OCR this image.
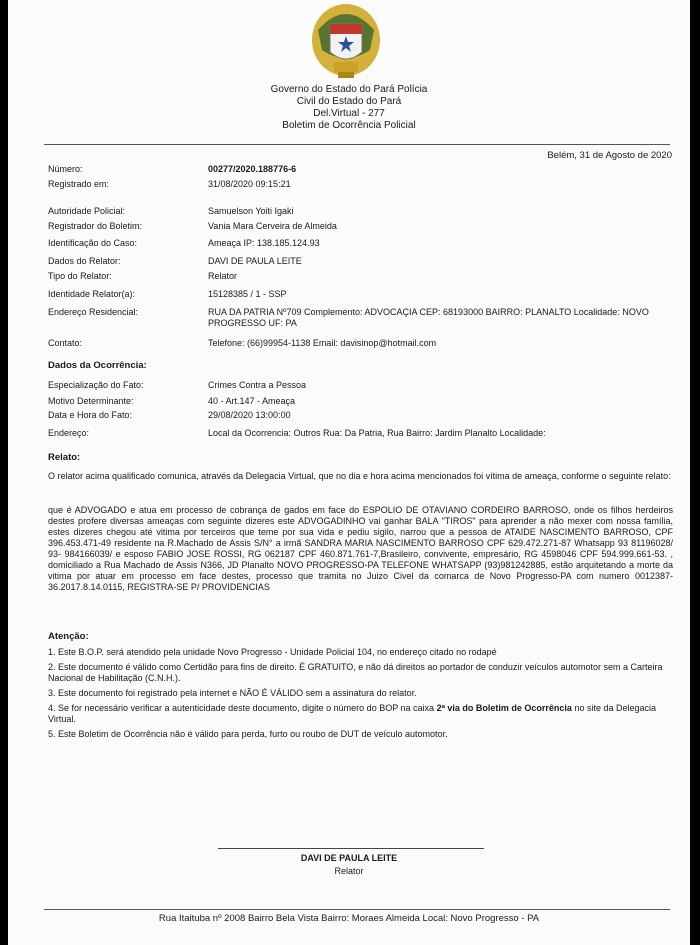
Governo do Estado do Pará Polícia
Civil do Estado do Pará
Del.Virtual - 277
Boletim de Ocorrência Policial
Belém, 31 de Agosto de 2020
Número:	00277/2020.188776-6
Registrado em:	31/08/2020 09:15:21
Autoridade Policial:	Samuelson Yoiti Igaki
Registrador do Boletim:	Vania Mara Cerveira de Almeida
Identificação do Caso:	Ameaça IP: 138.185.124.93
Dados do Relator:	DAVI DE PAULA LEITE
Tipo do Relator:	Relator
Identidade Relator(a):	15128385 / 1 - SSP
Endereço Residencial:	RUA DA PATRIA Nº709 Complemento: ADVOCAÇIA CEP: 68193000 BAIRRO: PLANALTO Localidade: NOVO PROGRESSO UF: PA
Contato:	Telefone: (66)99954-1138 Email: davisinop@hotmail.com
Dados da Ocorrência:
Especialização do Fato:	Crimes Contra a Pessoa
Motivo Determinante:	40 - Art.147 - Ameaça
Data e Hora do Fato:	29/08/2020 13:00:00
Endereço:	Local da Ocorrencia: Outros Rua: Da Patria, Rua Bairro: Jardim Planalto Localidade:
Relato:
O relator acima qualificado comunica, através da Delegacia Virtual, que no dia e hora acima mencionados foi vítima de ameaça, conforme o seguinte relato:
que é ADVOGADO e atua em processo de cobrança de gados em face do ESPOLIO DE OTAVIANO CORDEIRO BARROSO, onde os filhos herdeiros destes profere diversas ameaças com seguinte dizeres este ADVOGADINHO vai ganhar BALA "TIROS" para aprender a não mexer com nossa família, estes dizeres chegou até vitima por terceiros que teme por sua vida e pediu sigilo, narrou que a pessoa de ATAIDE NASCIMENTO BARROSO, CPF 396.453.471-49 residente na R.Machado de Assis S/N° a irmã SANDRA MARIA NASCIMENTO BARROSO CPF 629.472.271-87 Whatsapp 93 81196028/ 93- 984166039/ e esposo FABIO JOSE ROSSI, RG 062187 CPF 460.871.761-7,Brasileiro, convivente, empresário, RG 4598046 CPF 594.999.661-53. , domiciliado a Rua Machado de Assis N366, JD Planalto NOVO PROGRESSO-PA TELEFONE WHATSAPP (93)981242885, estão arquitetando a morte da vitima por atuar em processo em face destes, processo que tramita no Juizo Civel da comarca de Novo Progresso-PA com numero 0012387-36.2017.8.14.0115, REGISTRA-SE P/ PROVIDENCIAS
Atenção:
1. Este B.O.P. será atendido pela unidade Novo Progresso - Unidade Policial 104, no endereço citado no rodapé
2. Este documento é válido como Certidão para fins de direito. É GRATUITO, e não dá direitos ao portador de conduzir veículos automotor sem a Carteira Nacional de Habilitação (C.N.H.).
3. Este documento foi registrado pela internet e NÃO É VÁLIDO sem a assinatura do relator.
4. Se for necessário verificar a autenticidade deste documento, digite o número do BOP na caixa 2ª via do Boletim de Ocorrência no site da Delegacia Virtual.
5. Este Boletim de Ocorrência não é válido para perda, furto ou roubo de DUT de veículo automotor.
DAVI DE PAULA LEITE
Relator
Rua Itaituba nº 2008 Bairro Bela Vista Bairro: Moraes Almeida Local: Novo Progresso - PA
